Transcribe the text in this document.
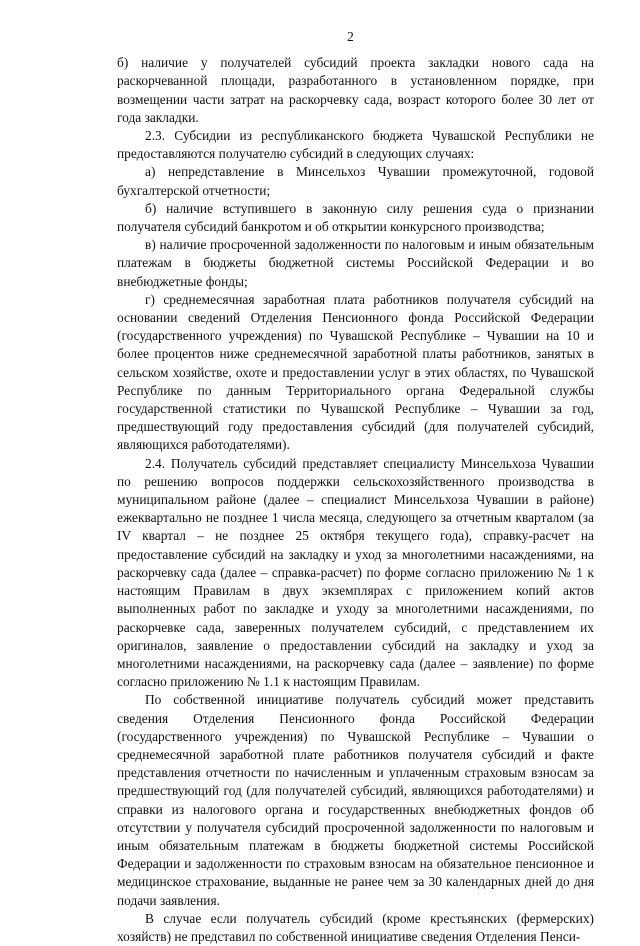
2

б) наличие у получателей субсидий проекта закладки нового сада на раскорчеванной площади, разработанного в установленном порядке, при возмещении части затрат на раскорчевку сада, возраст которого более 30 лет от года закладки.

2.3. Субсидии из республиканского бюджета Чувашской Республики не предоставляются получателю субсидий в следующих случаях:

а) непредставление в Минсельхоз Чувашии промежуточной, годовой бухгалтерской отчетности;

б) наличие вступившего в законную силу решения суда о признании получателя субсидий банкротом и об открытии конкурсного производства;

в) наличие просроченной задолженности по налоговым и иным обязательным платежам в бюджеты бюджетной системы Российской Федерации и во внебюджетные фонды;

г) среднемесячная заработная плата работников получателя субсидий на основании сведений Отделения Пенсионного фонда Российской Федерации (государственного учреждения) по Чувашской Республике – Чувашии на 10 и более процентов ниже среднемесячной заработной платы работников, занятых в сельском хозяйстве, охоте и предоставлении услуг в этих областях, по Чувашской Республике по данным Территориального органа Федеральной службы государственной статистики по Чувашской Республике – Чувашии за год, предшествующий году предоставления субсидий (для получателей субсидий, являющихся работодателями).

2.4. Получатель субсидий представляет специалисту Минсельхоза Чувашии по решению вопросов поддержки сельскохозяйственного производства в муниципальном районе (далее – специалист Минсельхоза Чувашии в районе) ежеквартально не позднее 1 числа месяца, следующего за отчетным кварталом (за IV квартал – не позднее 25 октября текущего года), справку-расчет на предоставление субсидий на закладку и уход за многолетними насаждениями, на раскорчевку сада (далее – справка-расчет) по форме согласно приложению № 1 к настоящим Правилам в двух экземплярах с приложением копий актов выполненных работ по закладке и уходу за многолетними насаждениями, по раскорчевке сада, заверенных получателем субсидий, с представлением их оригиналов, заявление о предоставлении субсидий на закладку и уход за многолетними насаждениями, на раскорчевку сада (далее – заявление) по форме согласно приложению № 1.1 к настоящим Правилам.

По собственной инициативе получатель субсидий может представить сведения Отделения Пенсионного фонда Российской Федерации (государственного учреждения) по Чувашской Республике – Чувашии о среднемесячной заработной плате работников получателя субсидий и факте представления отчетности по начисленным и уплаченным страховым взносам за предшествующий год (для получателей субсидий, являющихся работодателями) и справки из налогового органа и государственных внебюджетных фондов об отсутствии у получателя субсидий просроченной задолженности по налоговым и иным обязательным платежам в бюджеты бюджетной системы Российской Федерации и задолженности по страховым взносам на обязательное пенсионное и медицинское страхование, выданные не ранее чем за 30 календарных дней до дня подачи заявления.

В случае если получатель субсидий (кроме крестьянских (фермерских) хозяйств) не представил по собственной инициативе сведения Отделения Пенси-
